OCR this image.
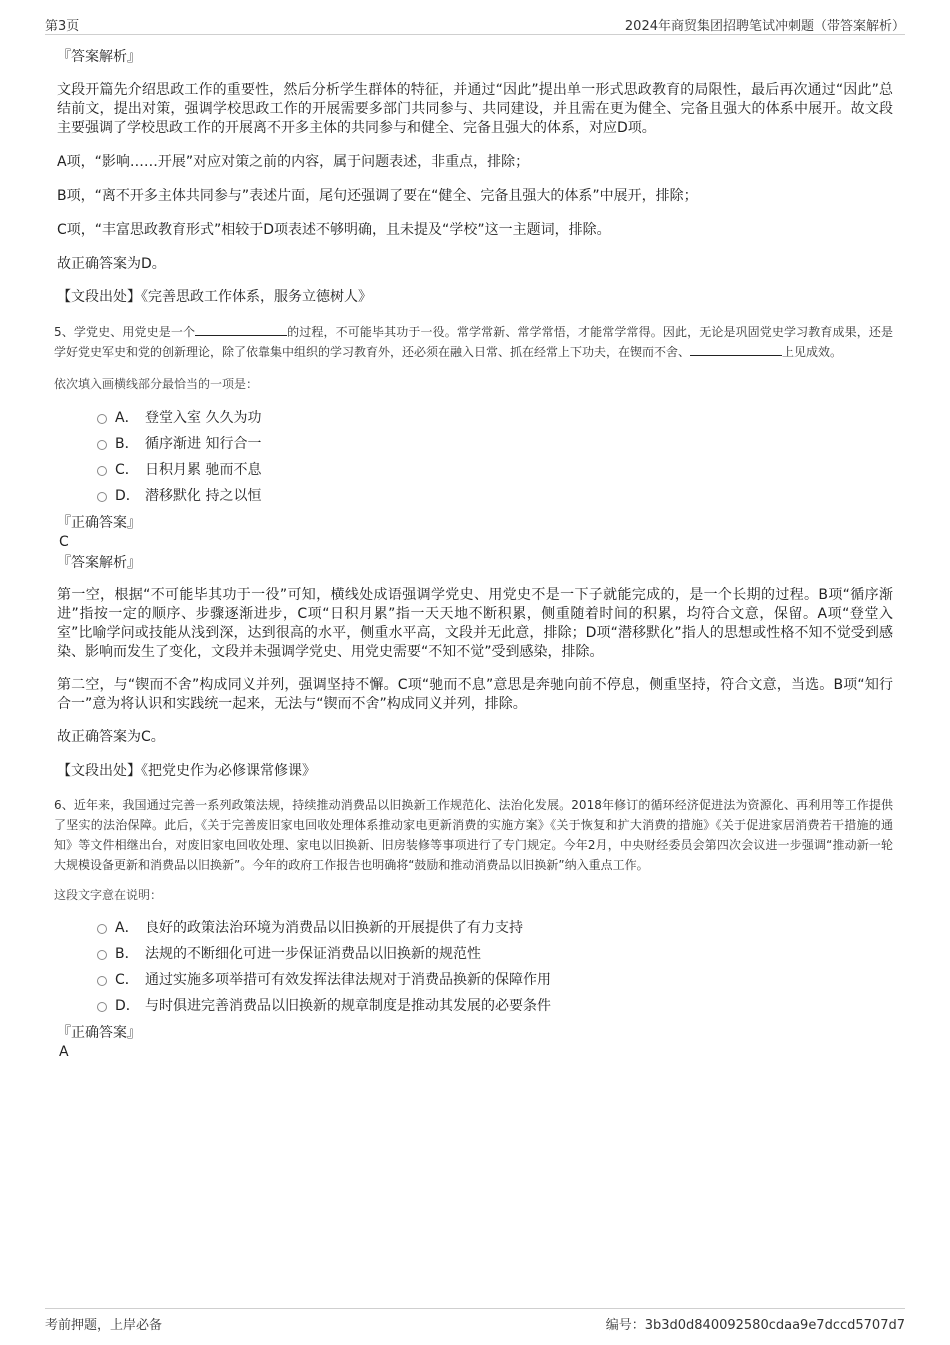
第3页	2024年商贸集团招聘笔试冲刺题（带答案解析）

『答案解析』

文段开篇先介绍思政工作的重要性，然后分析学生群体的特征，并通过“因此”提出单一形式思政教育的局限性，最后再次通过“因此”总结前文，提出对策，强调学校思政工作的开展需要多部门共同参与、共同建设，并且需在更为健全、完备且强大的体系中展开。故文段主要强调了学校思政工作的开展离不开多主体的共同参与和健全、完备且强大的体系，对应D项。

A项，“影响……开展”对应对策之前的内容，属于问题表述，非重点，排除；

B项，“离不开多主体共同参与”表述片面，尾句还强调了要在“健全、完备且强大的体系”中展开，排除；

C项，“丰富思政教育形式”相较于D项表述不够明确，且未提及“学校”这一主题词，排除。

故正确答案为D。

【文段出处】《完善思政工作体系，服务立德树人》

5、学党史、用党史是一个	的过程，不可能毕其功于一役。常学常新、常学常悟，才能常学常得。因此，无论是巩固党史学习教育成果，还是学好党史军史和党的创新理论，除了依靠集中组织的学习教育外，还必须在融入日常、抓在经常上下功夫，在锲而不舍、	上见成效。

依次填入画横线部分最恰当的一项是：

A． 登堂入室 久久为功
B． 循序渐进 知行合一
C． 日积月累 驰而不息
D． 潜移默化 持之以恒

『正确答案』

C

『答案解析』

第一空，根据“不可能毕其功于一役”可知，横线处成语强调学党史、用党史不是一下子就能完成的，是一个长期的过程。B项“循序渐进”指按一定的顺序、步骤逐渐进步，C项“日积月累”指一天天地不断积累，侧重随着时间的积累，均符合文意，保留。A项“登堂入室”比喻学问或技能从浅到深，达到很高的水平，侧重水平高，文段并无此意，排除；D项“潜移默化”指人的思想或性格不知不觉受到感染、影响而发生了变化，文段并未强调学党史、用党史需要“不知不觉”受到感染，排除。

第二空，与“锲而不舍”构成同义并列，强调坚持不懈。C项“驰而不息”意思是奔驰向前不停息，侧重坚持，符合文意，当选。B项“知行合一”意为将认识和实践统一起来，无法与“锲而不舍”构成同义并列，排除。

故正确答案为C。

【文段出处】《把党史作为必修课常修课》

6、近年来，我国通过完善一系列政策法规，持续推动消费品以旧换新工作规范化、法治化发展。2018年修订的循环经济促进法为资源化、再利用等工作提供了坚实的法治保障。此后，《关于完善废旧家电回收处理体系推动家电更新消费的实施方案》《关于恢复和扩大消费的措施》《关于促进家居消费若干措施的通知》等文件相继出台，对废旧家电回收处理、家电以旧换新、旧房装修等事项进行了专门规定。今年2月，中央财经委员会第四次会议进一步强调“推动新一轮大规模设备更新和消费品以旧换新”。今年的政府工作报告也明确将“鼓励和推动消费品以旧换新”纳入重点工作。

这段文字意在说明：

A． 良好的政策法治环境为消费品以旧换新的开展提供了有力支持
B． 法规的不断细化可进一步保证消费品以旧换新的规范性
C． 通过实施多项举措可有效发挥法律法规对于消费品换新的保障作用
D． 与时俱进完善消费品以旧换新的规章制度是推动其发展的必要条件

『正确答案』

A

考前押题，上岸必备	编号：3b3d0d840092580cdaa9e7dccd5707d7
